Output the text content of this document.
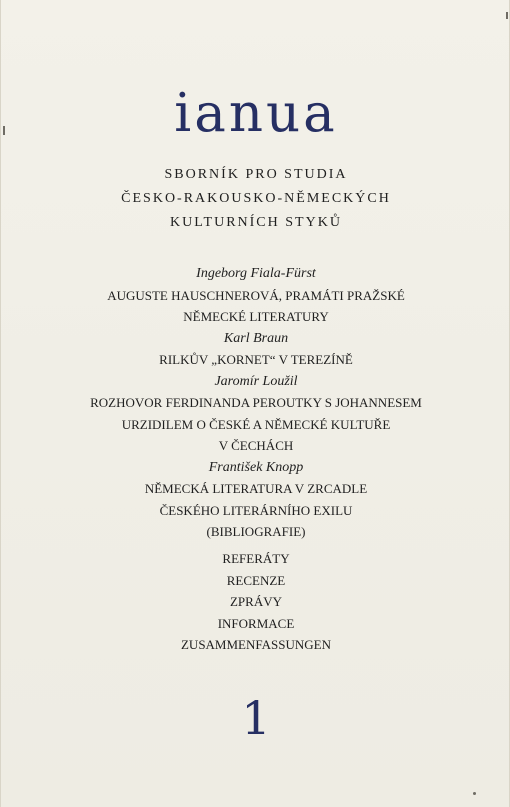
ianua
SBORNÍK PRO STUDIA
ČESKO-RAKOUSKO-NĚMECKÝCH
KULTURNÍCH STYKŮ
Ingeborg Fiala-Fürst
AUGUSTE HAUSCHNEROVÁ, PRAMÁTI PRAŽSKÉ
NĚMECKÉ LITERATURY
Karl Braun
RILKŮV „KORNET“ V TEREZÍNĚ
Jaromír Loužil
ROZHOVOR FERDINANDA PEROUTKY S JOHANNESEM
URZIDILEM O ČESKÉ A NĚMECKÉ KULTUŘE
V ČECHÁCH
František Knopp
NĚMECKÁ LITERATURA V ZRCADLE
ČESKÉHO LITERÁRNÍHO EXILU
(BIBLIOGRAFIE)
REFERÁTY
RECENZE
ZPRÁVY
INFORMACE
ZUSAMMENFASSUNGEN
1
